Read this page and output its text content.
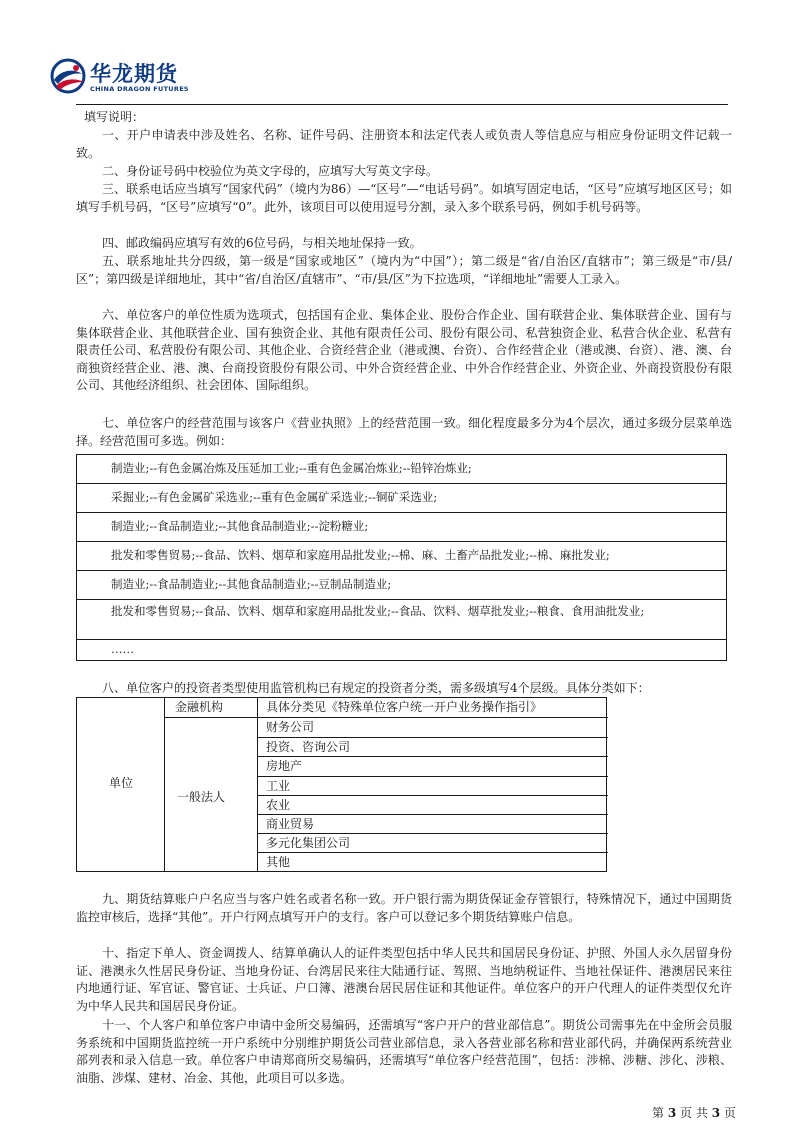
华龙期货
CHINA DRAGON FUTURES
填写说明：
一、开户申请表中涉及姓名、名称、证件号码、注册资本和法定代表人或负责人等信息应与相应身份证明文件记载一致。
二、身份证号码中校验位为英文字母的，应填写大写英文字母。
三、联系电话应当填写“国家代码”（境内为86）—“区号”—“电话号码”。如填写固定电话，“区号”应填写地区区号；如填写手机号码，“区号”应填写“0”。此外，该项目可以使用逗号分割，录入多个联系号码，例如手机号码等。
四、邮政编码应填写有效的6位号码，与相关地址保持一致。
五、联系地址共分四级，第一级是“国家或地区”（境内为“中国”）；第二级是“省/自治区/直辖市”；第三级是“市/县/区”；第四级是详细地址，其中“省/自治区/直辖市”、“市/县/区”为下拉选项，“详细地址”需要人工录入。
六、单位客户的单位性质为选项式，包括国有企业、集体企业、股份合作企业、国有联营企业、集体联营企业、国有与集体联营企业、其他联营企业、国有独资企业、其他有限责任公司、股份有限公司、私营独资企业、私营合伙企业、私营有限责任公司、私营股份有限公司、其他企业、合资经营企业（港或澳、台资）、合作经营企业（港或澳、台资）、港、澳、台商独资经营企业、港、澳、台商投资股份有限公司、中外合资经营企业、中外合作经营企业、外资企业、外商投资股份有限公司、其他经济组织、社会团体、国际组织。
七、单位客户的经营范围与该客户《营业执照》上的经营范围一致。细化程度最多分为4个层次，通过多级分层菜单选择。经营范围可多选。例如：
制造业;--有色金属冶炼及压延加工业;--重有色金属冶炼业;--铅锌冶炼业;
采掘业;--有色金属矿采选业;--重有色金属矿采选业;--铜矿采选业;
制造业;--食品制造业;--其他食品制造业;--淀粉糖业;
批发和零售贸易;--食品、饮料、烟草和家庭用品批发业;--棉、麻、土畜产品批发业;--棉、麻批发业;
制造业;--食品制造业;--其他食品制造业;--豆制品制造业;
批发和零售贸易;--食品、饮料、烟草和家庭用品批发业;--食品、饮料、烟草批发业;--粮食、食用油批发业;
……
八、单位客户的投资者类型使用监管机构已有规定的投资者分类，需多级填写4个层级。具体分类如下：
金融机构	具体分类见《特殊单位客户统一开户业务操作指引》
单位
一般法人
财务公司
投资、咨询公司
房地产
工业
农业
商业贸易
多元化集团公司
其他
九、期货结算账户户名应当与客户姓名或者名称一致。开户银行需为期货保证金存管银行，特殊情况下，通过中国期货监控审核后，选择“其他”。开户行网点填写开户的支行。客户可以登记多个期货结算账户信息。
十、指定下单人、资金调拨人、结算单确认人的证件类型包括中华人民共和国居民身份证、护照、外国人永久居留身份证、港澳永久性居民身份证、当地身份证、台湾居民来往大陆通行证、驾照、当地纳税证件、当地社保证件、港澳居民来往内地通行证、军官证、警官证、士兵证、户口簿、港澳台居民居住证和其他证件。单位客户的开户代理人的证件类型仅允许为中华人民共和国居民身份证。
十一、个人客户和单位客户申请中金所交易编码，还需填写“客户开户的营业部信息”。期货公司需事先在中金所会员服务系统和中国期货监控统一开户系统中分别维护期货公司营业部信息，录入各营业部名称和营业部代码，并确保两系统营业部列表和录入信息一致。单位客户申请郑商所交易编码，还需填写“单位客户经营范围”，包括：涉棉、涉糖、涉化、涉粮、油脂、涉煤、建材、冶金、其他，此项目可以多选。
第 3 页 共 3 页
